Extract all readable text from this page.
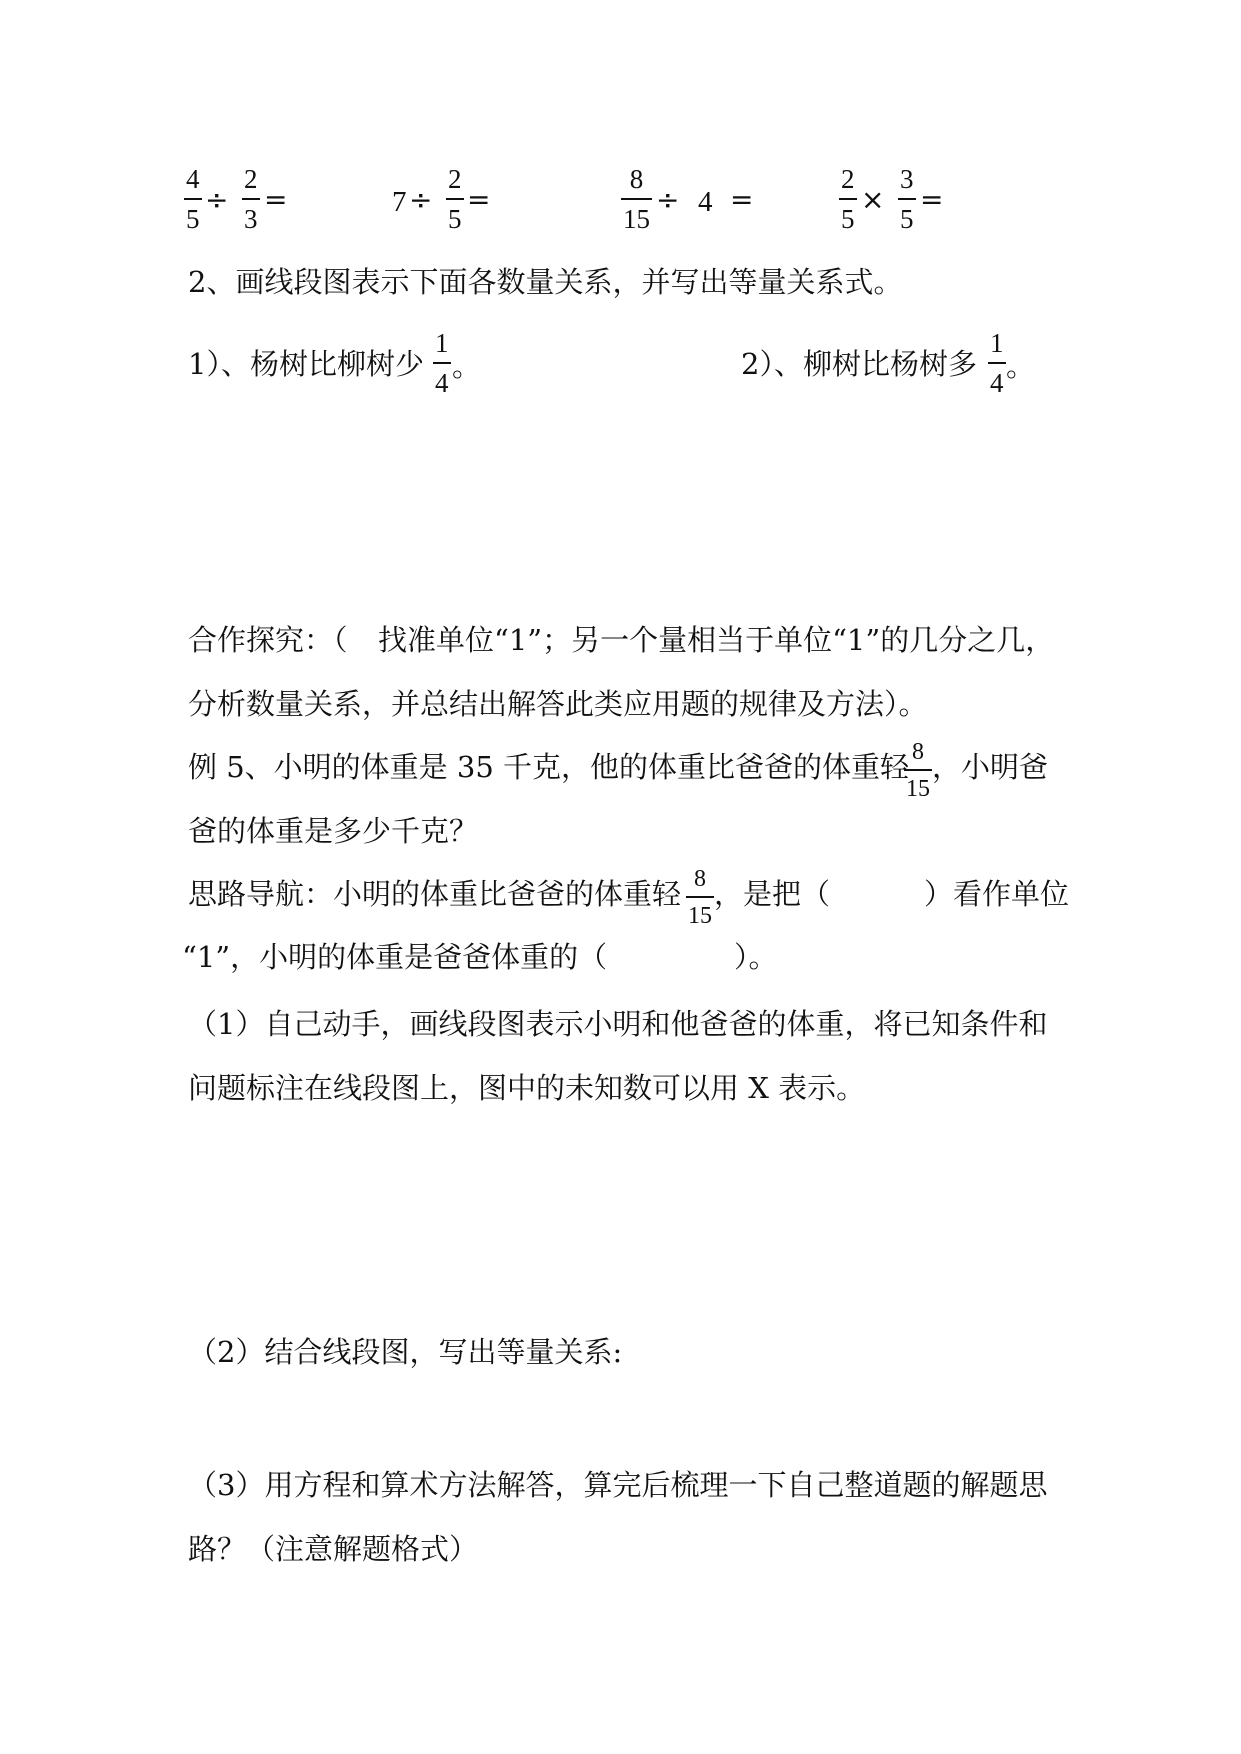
4
5
÷
2
3
=	7 ÷
2
5
=
8
15
÷ 4 =
2
5
×
3
5
=
2、画线段图表示下面各数量关系，并写出等量关系式。
1）、杨树比柳树少
1
4 。	2）、柳树比杨树多
1
4 。
合作探究：（ 找准单位“1”；另一个量相当于单位“1”的几分之几，
分析数量关系，并总结出解答此类应用题的规律及方法）。
例 5、小明的体重是 35 千克，他的体重比爸爸的体重轻 8
15
，小明爸
爸的体重是多少千克？
思路导航：小明的体重比爸爸的体重轻 8
15
，是把（	）看作单位
“1”，小明的体重是爸爸体重的（	）。
（1）自己动手，画线段图表示小明和他爸爸的体重，将已知条件和
问题标注在线段图上，图中的未知数可以用 X 表示。
（2）结合线段图，写出等量关系:
（3）用方程和算术方法解答，算完后梳理一下自己整道题的解题思
路？（注意解题格式）
